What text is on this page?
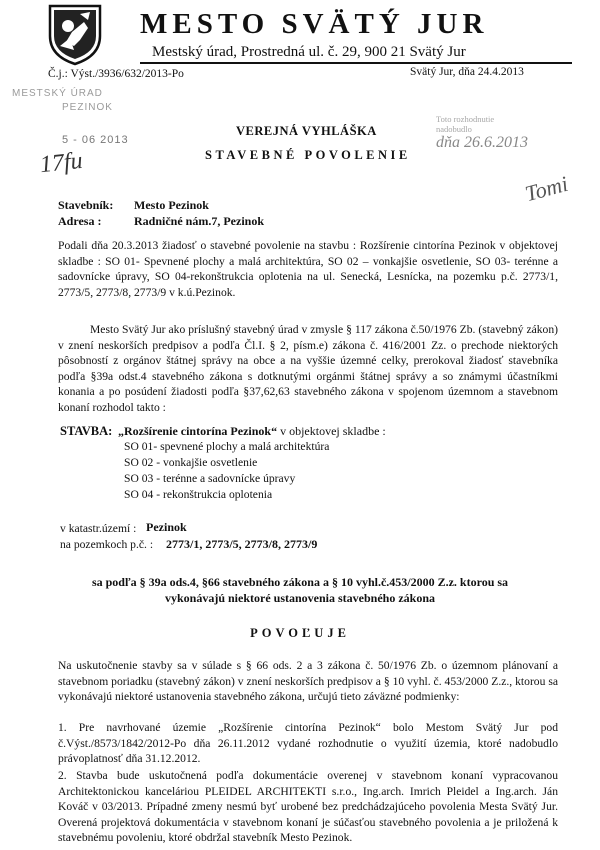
MESTO SVÄTÝ JUR
Mestský úrad, Prostredná ul. č. 29, 900 21 Svätý Jur
Č.j.: Výst./3936/632/2013-Po	Svätý Jur, dňa 24.4.2013
MESTSKÝ ÚRAD
PEZINOK
5 - 06 2013
17fu
Toto rozhodnutie
nadobudlo
dňa 26.6.2013
Tomi
VEREJNÁ VYHLÁŠKA
STAVEBNÉ POVOLENIE
Stavebník: Mesto Pezinok
Adresa :	Radničné nám.7, Pezinok
Podali dňa 20.3.2013 žiadosť o stavebné povolenie na stavbu : Rozšírenie cintorína Pezinok v objektovej skladbe : SO 01- Spevnené plochy a malá architektúra, SO 02 – vonkajšie osvetlenie, SO 03- terénne a sadovnícke úpravy, SO 04-rekonštrukcia oplotenia na ul. Senecká, Lesnícka, na pozemku p.č. 2773/1, 2773/5, 2773/8, 2773/9 v k.ú.Pezinok.
Mesto Svätý Jur ako príslušný stavebný úrad v zmysle § 117 zákona č.50/1976 Zb. (stavebný zákon) v znení neskorších predpisov a podľa Čl.I. § 2, písm.e) zákona č. 416/2001 Zz. o prechode niektorých pôsobností z orgánov štátnej správy na obce a na vyššie územné celky, prerokoval žiadosť stavebníka podľa §39a odst.4 stavebného zákona s dotknutými orgánmi štátnej správy a so známymi účastníkmi konania a po posúdení žiadosti podľa §37,62,63 stavebného zákona v spojenom územnom a stavebnom konaní rozhodol takto :
STAVBA: „Rozšírenie cintorína Pezinok“ v objektovej skladbe :
SO 01- spevnené plochy a malá architektúra
SO 02 - vonkajšie osvetlenie
SO 03 - terénne a sadovnícke úpravy
SO 04 - rekonštrukcia oplotenia
v katastr.území : Pezinok
na pozemkoch p.č. : 2773/1, 2773/5, 2773/8, 2773/9
sa podľa § 39a ods.4, §66 stavebného zákona a § 10 vyhl.č.453/2000 Z.z. ktorou sa
vykonávajú niektoré ustanovenia stavebného zákona
POVOĽUJE
Na uskutočnenie stavby sa v súlade s § 66 ods. 2 a 3 zákona č. 50/1976 Zb. o územnom plánovaní a stavebnom poriadku (stavebný zákon) v znení neskorších predpisov a § 10 vyhl. č. 453/2000 Z.z., ktorou sa vykonávajú niektoré ustanovenia stavebného zákona, určujú tieto záväzné podmienky:
1. Pre navrhované územie „Rozšírenie cintorína Pezinok“ bolo Mestom Svätý Jur pod č.Výst./8573/1842/2012-Po dňa 26.11.2012 vydané rozhodnutie o využití územia, ktoré nadobudlo právoplatnosť dňa 31.12.2012.
2. Stavba bude uskutočnená podľa dokumentácie overenej v stavebnom konaní vypracovanou Architektonickou kanceláriou PLEIDEL ARCHITEKTI s.r.o., Ing.arch. Imrich Pleidel a Ing.arch. Ján Kováč v 03/2013. Prípadné zmeny nesmú byť urobené bez predchádzajúceho povolenia Mesta Svätý Jur. Overená projektová dokumentácia v stavebnom konaní je súčasťou stavebného povolenia a je priložená k stavebnému povoleniu, ktoré obdržal stavebník Mesto Pezinok.
